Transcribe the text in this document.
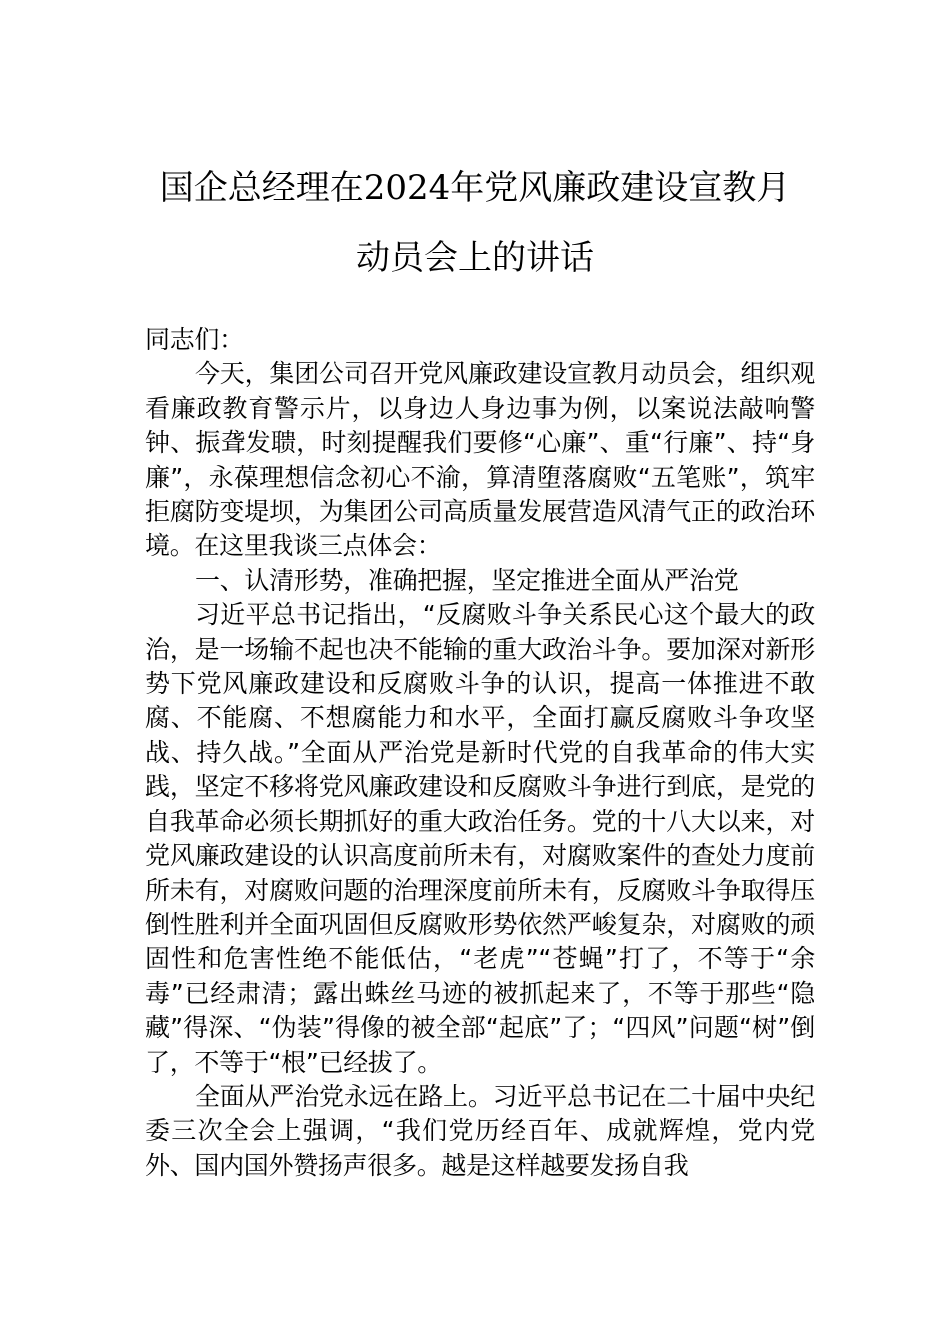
国企总经理在2024年党风廉政建设宣教月
动员会上的讲话

同志们：

今天，集团公司召开党风廉政建设宣教月动员会，组织观看廉政教育警示片，以身边人身边事为例，以案说法敲响警钟、振聋发聩，时刻提醒我们要修“心廉”、重“行廉”、持“身廉”，永葆理想信念初心不渝，算清堕落腐败“五笔账”，筑牢拒腐防变堤坝，为集团公司高质量发展营造风清气正的政治环境。在这里我谈三点体会：

一、认清形势，准确把握，坚定推进全面从严治党

习近平总书记指出，“反腐败斗争关系民心这个最大的政治，是一场输不起也决不能输的重大政治斗争。要加深对新形势下党风廉政建设和反腐败斗争的认识，提高一体推进不敢腐、不能腐、不想腐能力和水平，全面打赢反腐败斗争攻坚战、持久战。”全面从严治党是新时代党的自我革命的伟大实践，坚定不移将党风廉政建设和反腐败斗争进行到底，是党的自我革命必须长期抓好的重大政治任务。党的十八大以来，对党风廉政建设的认识高度前所未有，对腐败案件的查处力度前所未有，对腐败问题的治理深度前所未有，反腐败斗争取得压倒性胜利并全面巩固但反腐败形势依然严峻复杂，对腐败的顽固性和危害性绝不能低估，“老虎”“苍蝇”打了，不等于“余毒”已经肃清；露出蛛丝马迹的被抓起来了，不等于那些“隐藏”得深、“伪装”得像的被全部“起底”了；“四风”问题“树”倒了，不等于“根”已经拔了。

全面从严治党永远在路上。习近平总书记在二十届中央纪委三次全会上强调，“我们党历经百年、成就辉煌，党内党外、国内国外赞扬声很多。越是这样越要发扬自我
